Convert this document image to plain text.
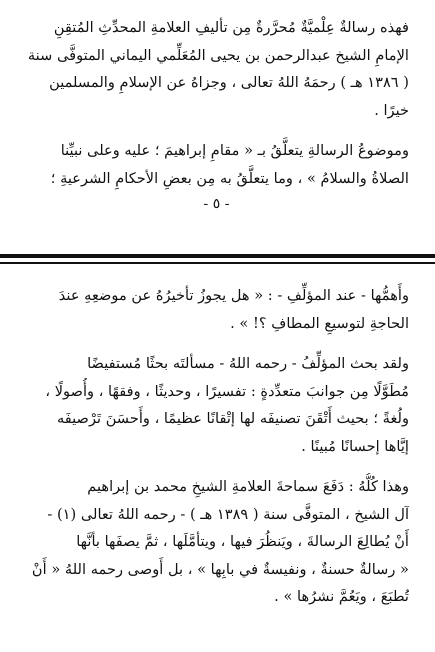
فهذه رسالةٌ عِلْميَّةٌ مُحرَّرةٌ مِن تأليفِ العلامةِ المحدِّثِ المُتقِنِ
الإمامِ الشيخ عبدالرحمن بن يحيى المُعَلِّمي اليماني المتوفَّى سنة
( ١٣٨٦ هـ ) رحمَهُ اللهُ تعالى ، وجزاهُ عن الإسلامِ والمسلمين
خيرًا .
وموضوعُ الرسالةِ يتعلَّقُ بـ « مقامِ إبراهيمَ ؛ عليه وعلى نبيِّنا
الصلاةُ والسلامُ » ، وما يتعلَّقُ به مِن بعضِ الأحكامِ الشرعيةِ ؛
- ٥ -
وأَهمُّها - عند المؤلِّفِ - : « هل يجوزُ تأخيرُهُ عن موضعِهِ عندَ
الحاجةِ لتوسيعِ المطافِ ؟! » .
ولقد بحث المؤلِّفُ - رحمه اللهُ - مسألتَه بحثًا مُستفيضًا
مُطَوَّلًا مِن جوانبَ متعدِّدةٍ : تفسيرًا ، وحديثًا ، وفقهًا ، وأُصولًا ،
ولُغةً ؛ بحيث أَتْقَنَ تصنيفَه لها إتْقانًا عظيمًا ، وأَحسَنَ تَرْصيفَه
إيَّاها إحسانًا مُبينًا .
وهذا كُلُّهُ : دَفَعَ سماحةَ العلامةِ الشيخِ محمد بن إبراهيم
آل الشيخ ، المتوفَّى سنة ( ١٣٨٩ هـ ) - رحمه اللهُ تعالى (١) -
أَنْ يُطالِعَ الرسالةَ ، ويَنظُرَ فيها ، ويتأمَّلَها ، ثمَّ يصفَها بأنَّها
« رسالةٌ حسنةٌ ، ونفيسةٌ في بابِها » ، بل أَوصى رحمه اللهُ « أَنْ
تُطبَعَ ، ويَعُمَّ نشرُها » .
